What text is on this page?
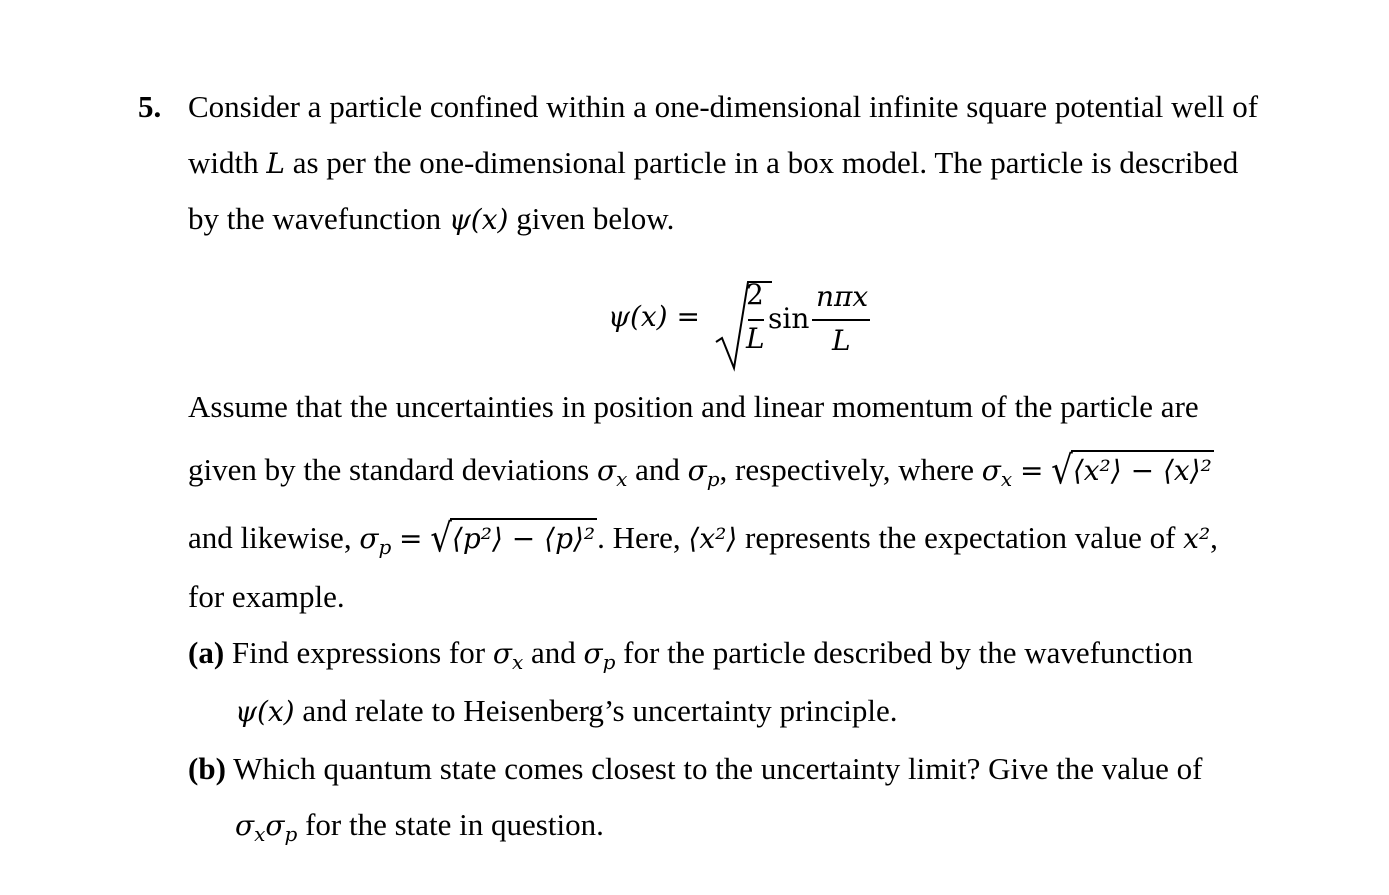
5. Consider a particle confined within a one-dimensional infinite square potential well of
width L as per the one-dimensional particle in a box model. The particle is described
by the wavefunction ψ(x) given below.
ψ(x) =
2
L
sin
nπx
L
Assume that the uncertainties in position and linear momentum of the particle are
given by the standard deviations $\sigma_x$ and $\sigma_p$, respectively, where $\sigma_x$ = √⟨x²⟩ − ⟨x⟩²
and likewise, $\sigma_p$ = √⟨p²⟩ − ⟨p⟩². Here, ⟨x²⟩ represents the expectation value of x²,
for example.
(a) Find expressions for $\sigma_x$ and $\sigma_p$ for the particle described by the wavefunction
ψ(x) and relate to Heisenberg’s uncertainty principle.
(b) Which quantum state comes closest to the uncertainty limit? Give the value of
$\sigma_x\sigma_p$ for the state in question.
